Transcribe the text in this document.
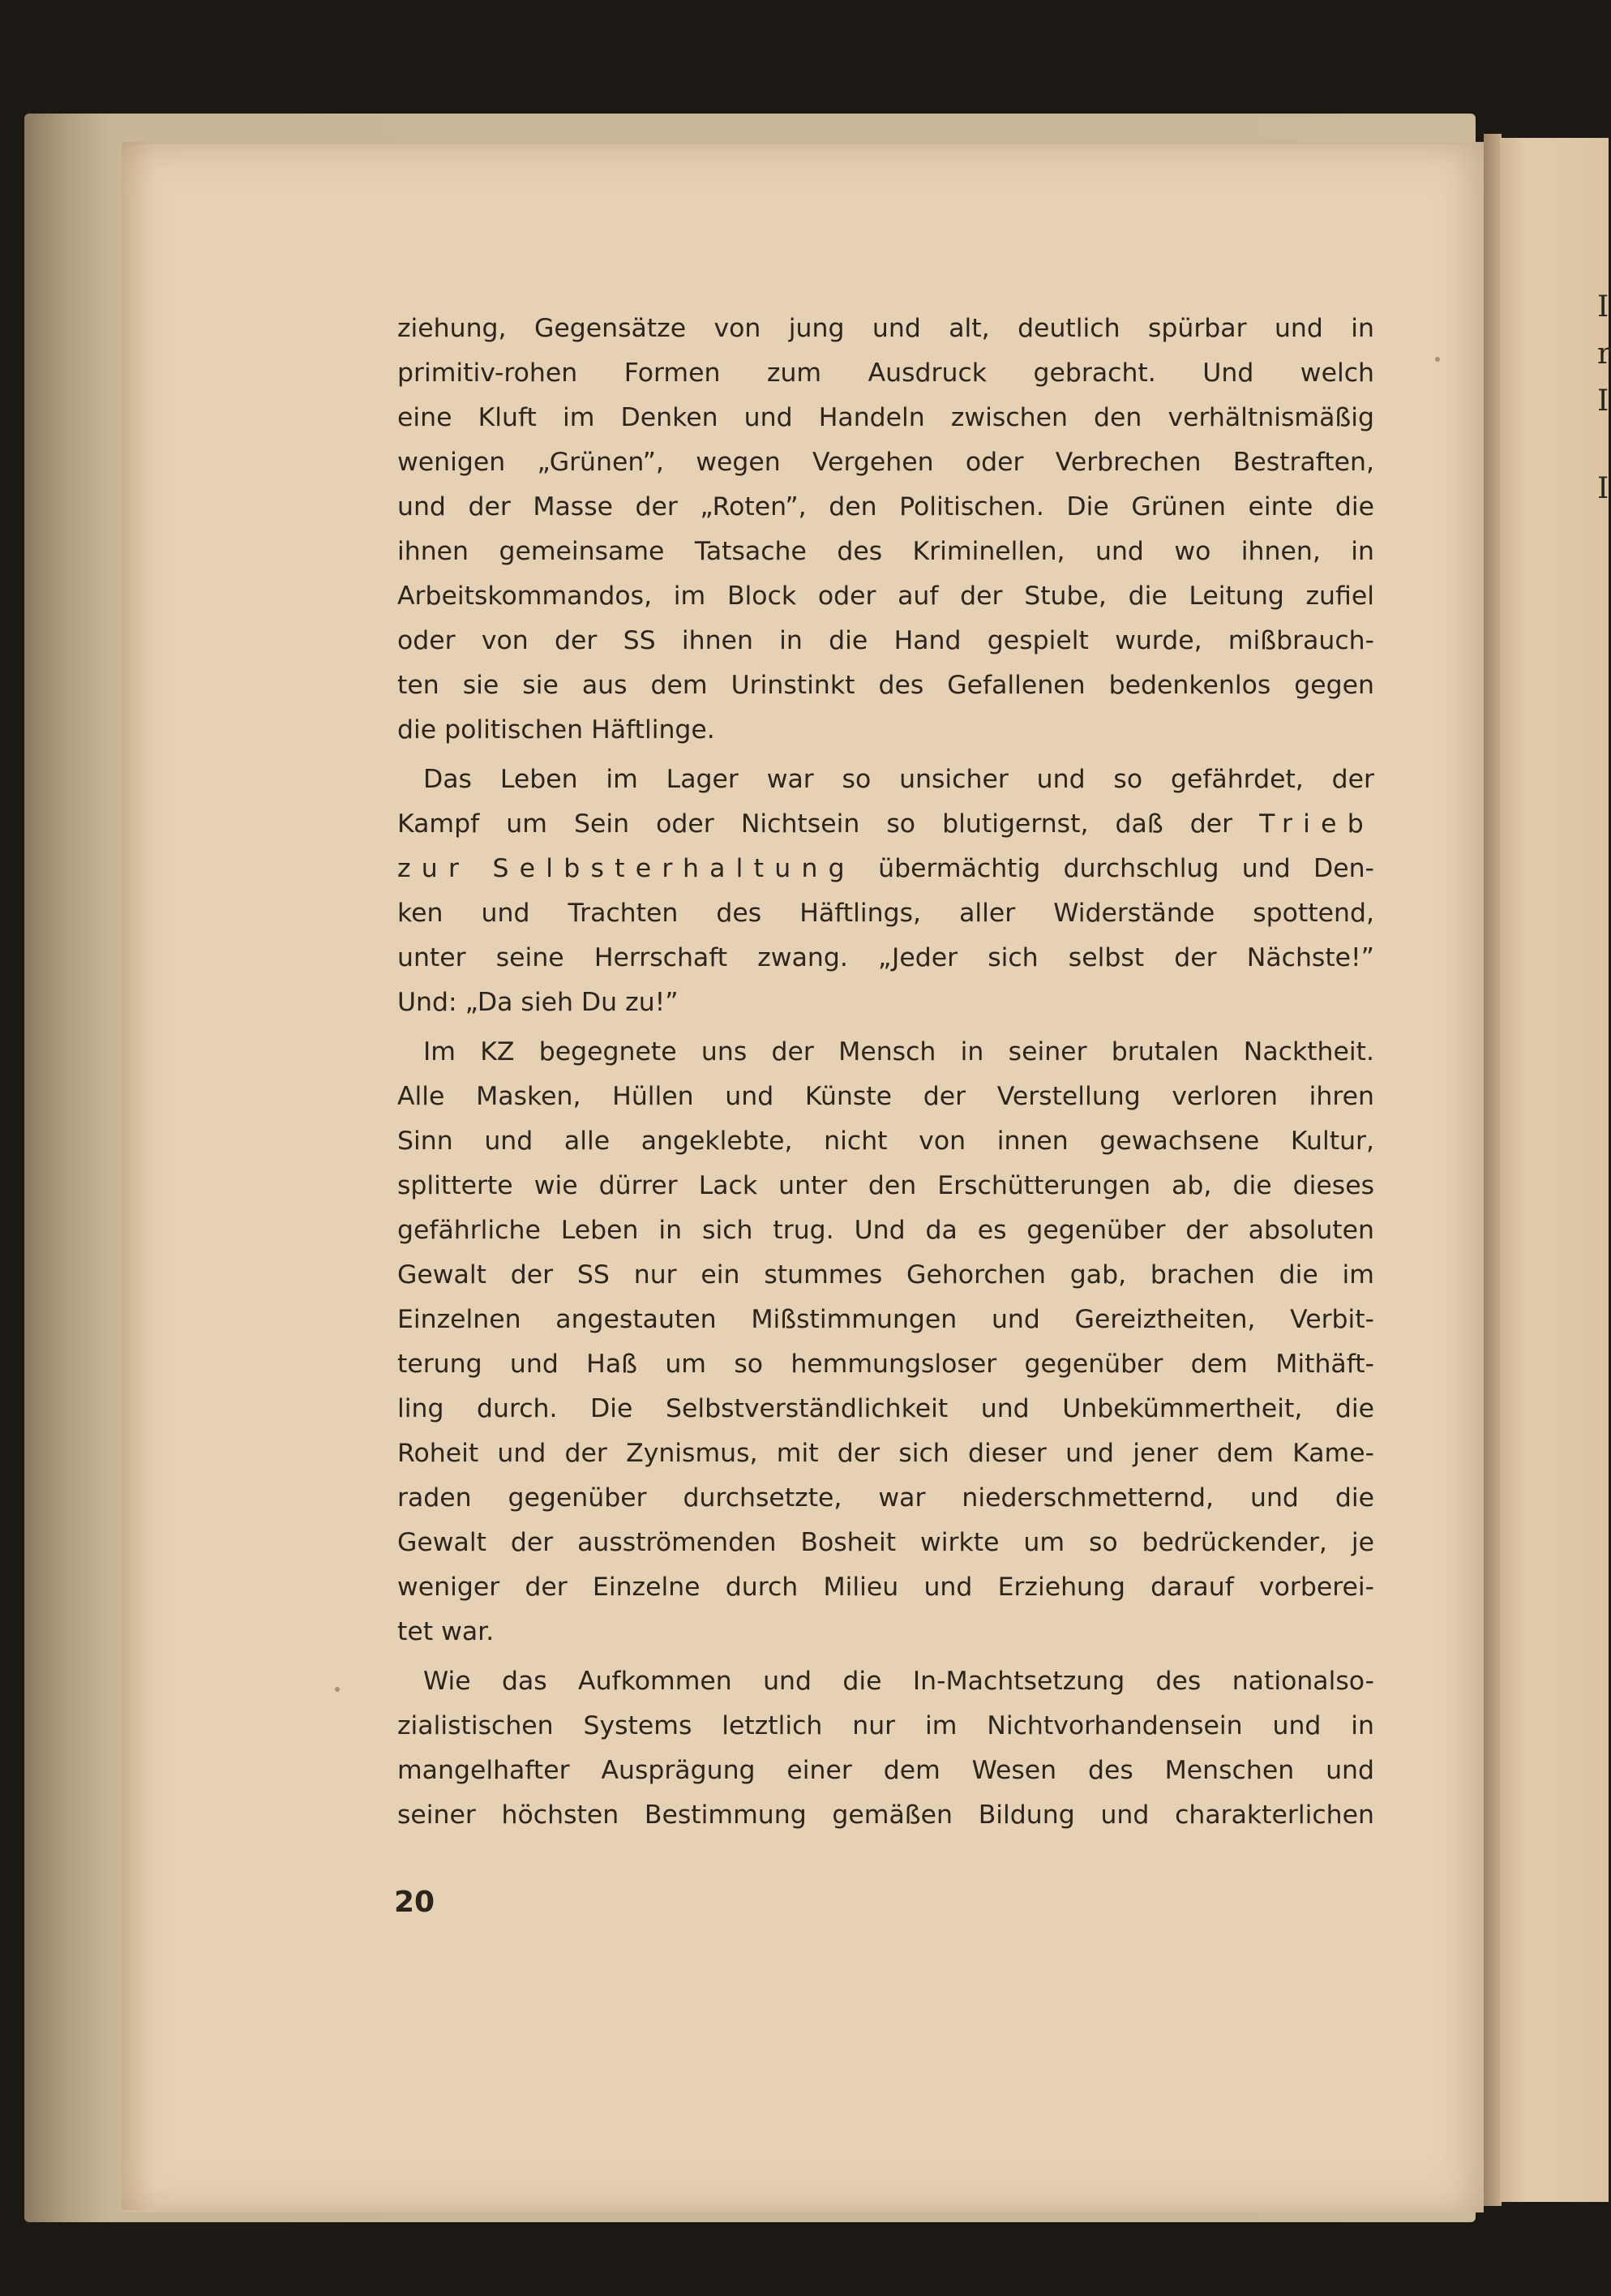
I
r
I
I
ziehung, Gegensätze von jung und alt, deutlich spürbar und in
primitiv-rohen Formen zum Ausdruck gebracht. Und welch
eine Kluft im Denken und Handeln zwischen den verhältnismäßig
wenigen „Grünen”, wegen Vergehen oder Verbrechen Bestraften,
und der Masse der „Roten”, den Politischen. Die Grünen einte die
ihnen gemeinsame Tatsache des Kriminellen, und wo ihnen, in
Arbeitskommandos, im Block oder auf der Stube, die Leitung zufiel
oder von der SS ihnen in die Hand gespielt wurde, mißbrauch-
ten sie sie aus dem Urinstinkt des Gefallenen bedenkenlos gegen
die politischen Häftlinge.
Das Leben im Lager war so unsicher und so gefährdet, der
Kampf um Sein oder Nichtsein so blutigernst, daß der Trieb
zur Selbsterhaltung übermächtig durchschlug und Den-
ken und Trachten des Häftlings, aller Widerstände spottend,
unter seine Herrschaft zwang. „Jeder sich selbst der Nächste!”
Und: „Da sieh Du zu!”
Im KZ begegnete uns der Mensch in seiner brutalen Nacktheit.
Alle Masken, Hüllen und Künste der Verstellung verloren ihren
Sinn und alle angeklebte, nicht von innen gewachsene Kultur,
splitterte wie dürrer Lack unter den Erschütterungen ab, die dieses
gefährliche Leben in sich trug. Und da es gegenüber der absoluten
Gewalt der SS nur ein stummes Gehorchen gab, brachen die im
Einzelnen angestauten Mißstimmungen und Gereiztheiten, Verbit-
terung und Haß um so hemmungsloser gegenüber dem Mithäft-
ling durch. Die Selbstverständlichkeit und Unbekümmertheit, die
Roheit und der Zynismus, mit der sich dieser und jener dem Kame-
raden gegenüber durchsetzte, war niederschmetternd, und die
Gewalt der ausströmenden Bosheit wirkte um so bedrückender, je
weniger der Einzelne durch Milieu und Erziehung darauf vorberei-
tet war.
Wie das Aufkommen und die In-Machtsetzung des nationalso-
zialistischen Systems letztlich nur im Nichtvorhandensein und in
mangelhafter Ausprägung einer dem Wesen des Menschen und
seiner höchsten Bestimmung gemäßen Bildung und charakterlichen
20
